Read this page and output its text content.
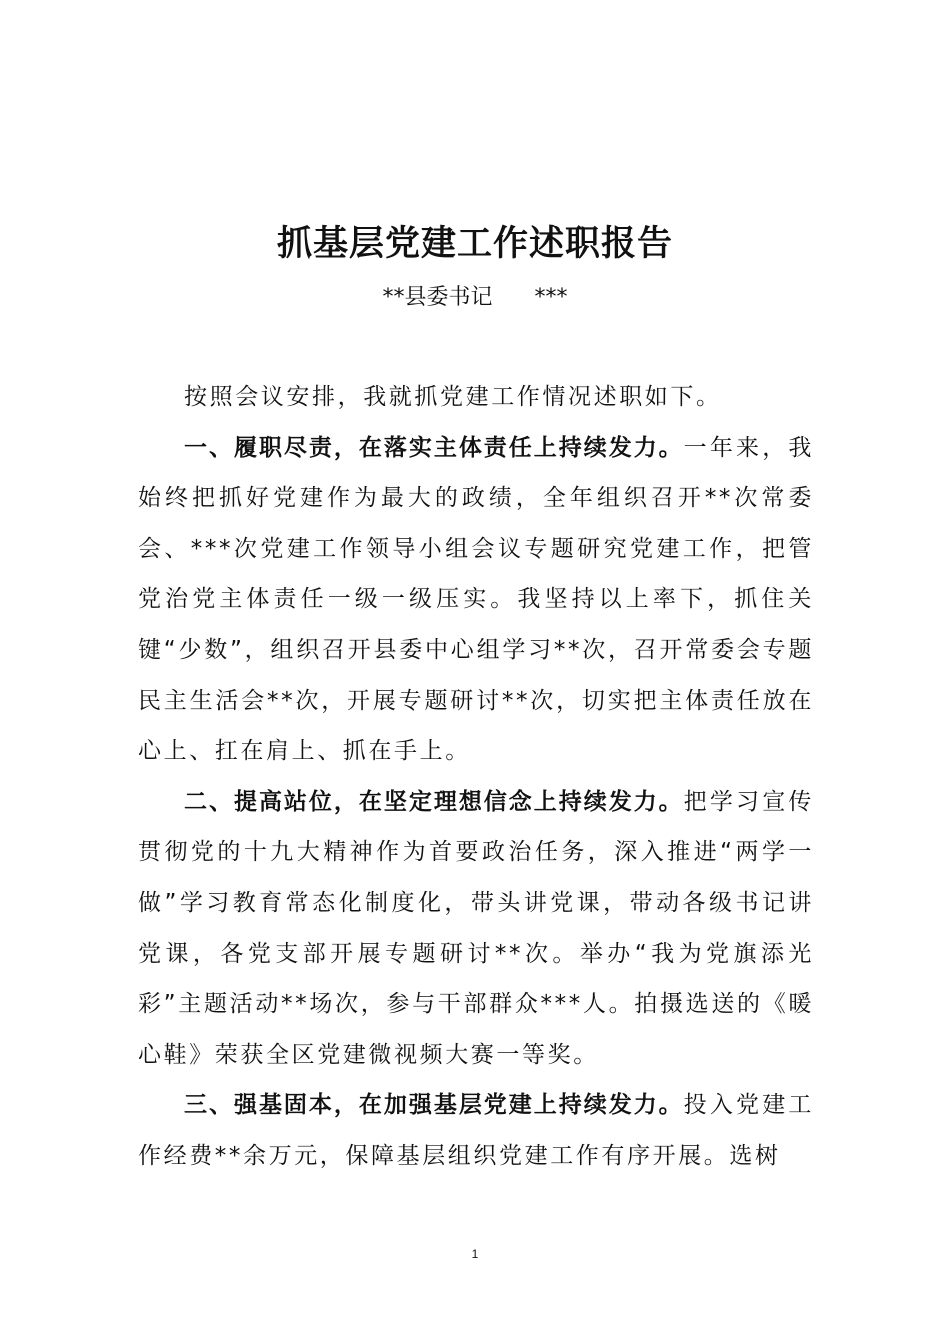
抓基层党建工作述职报告
**县委书记      ***

按照会议安排，我就抓党建工作情况述职如下。

一、履职尽责，在落实主体责任上持续发力。一年来，我始终把抓好党建作为最大的政绩，全年组织召开**次常委会、***次党建工作领导小组会议专题研究党建工作，把管党治党主体责任一级一级压实。我坚持以上率下，抓住关键“少数”，组织召开县委中心组学习**次，召开常委会专题民主生活会**次，开展专题研讨**次，切实把主体责任放在心上、扛在肩上、抓在手上。

二、提高站位，在坚定理想信念上持续发力。把学习宣传贯彻党的十九大精神作为首要政治任务，深入推进“两学一做”学习教育常态化制度化，带头讲党课，带动各级书记讲党课，各党支部开展专题研讨**次。举办“我为党旗添光彩”主题活动**场次，参与干部群众***人。拍摄选送的《暖心鞋》荣获全区党建微视频大赛一等奖。

三、强基固本，在加强基层党建上持续发力。投入党建工作经费**余万元，保障基层组织党建工作有序开展。选树

1
